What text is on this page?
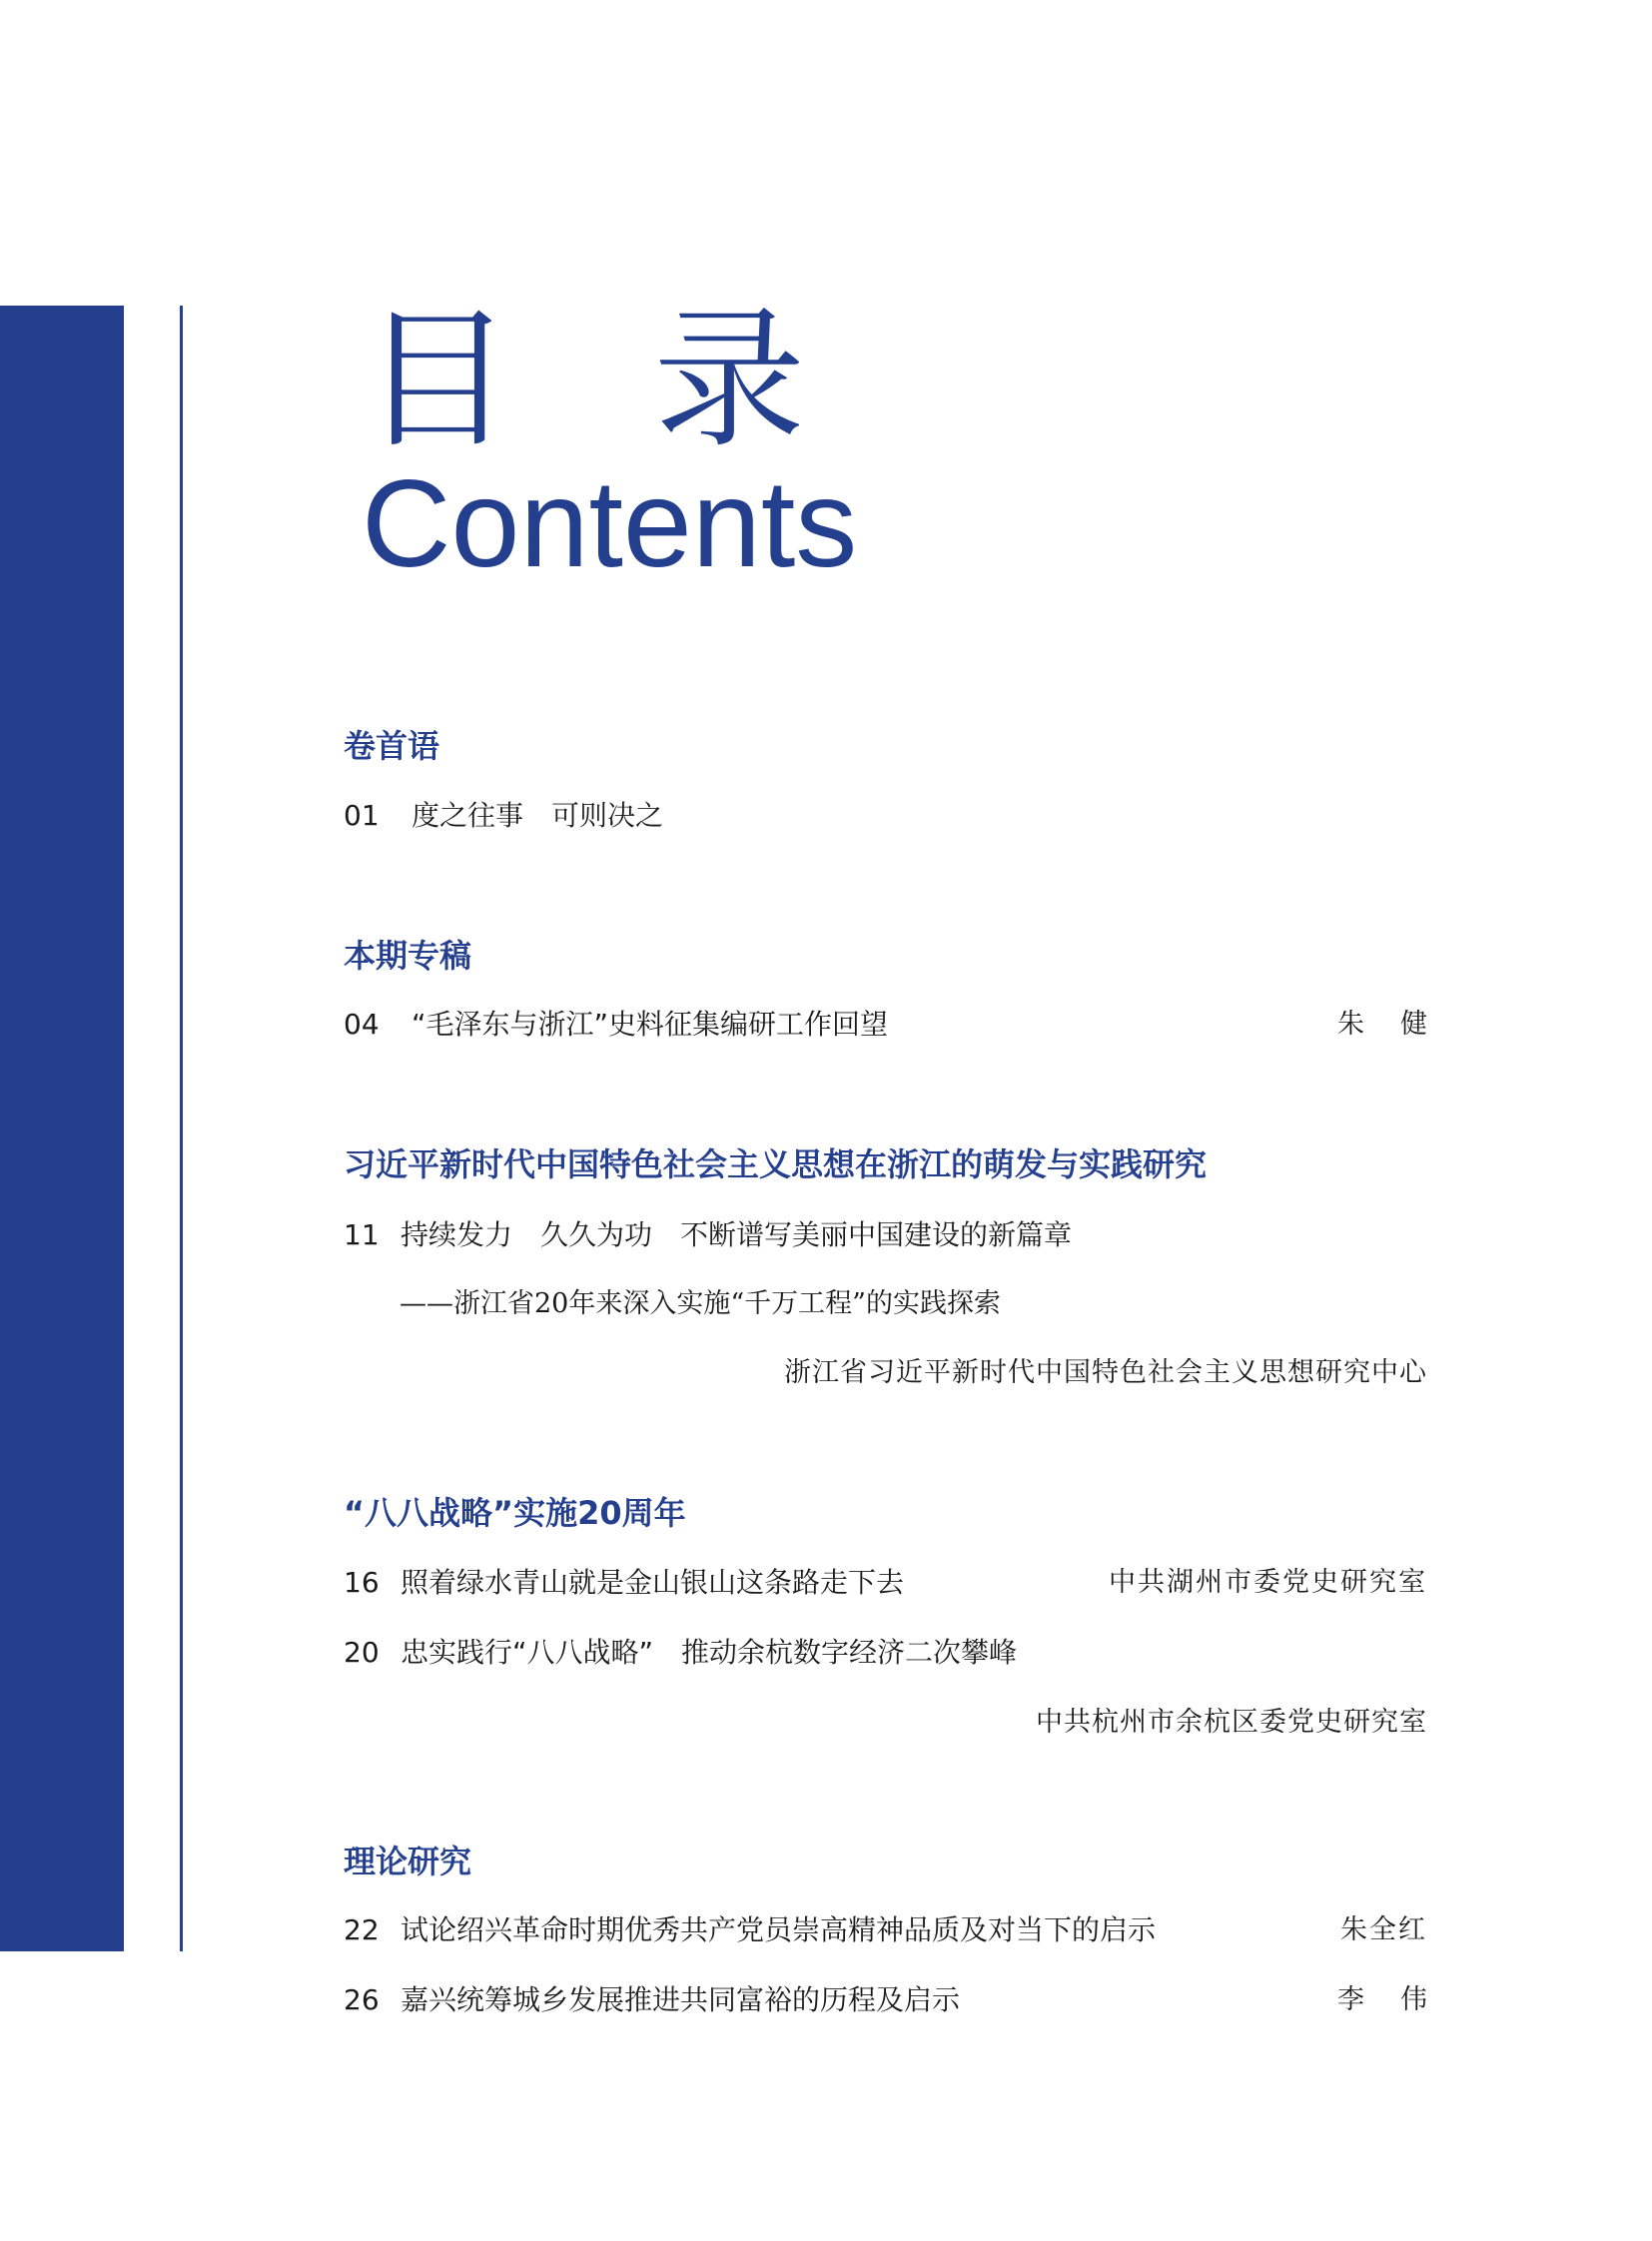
目 录
Contents
卷首语
01 度之往事　可则决之
本期专稿
04 “毛泽东与浙江”史料征集编研工作回望	朱健
习近平新时代中国特色社会主义思想在浙江的萌发与实践研究
11 持续发力　久久为功　不断谱写美丽中国建设的新篇章
——浙江省20年来深入实施“千万工程”的实践探索
浙江省习近平新时代中国特色社会主义思想研究中心
“八八战略”实施20周年
16 照着绿水青山就是金山银山这条路走下去	中共湖州市委党史研究室
20 忠实践行“八八战略”　推动余杭数字经济二次攀峰
中共杭州市余杭区委党史研究室
理论研究
22 试论绍兴革命时期优秀共产党员崇高精神品质及对当下的启示	朱全红
26 嘉兴统筹城乡发展推进共同富裕的历程及启示	李伟
